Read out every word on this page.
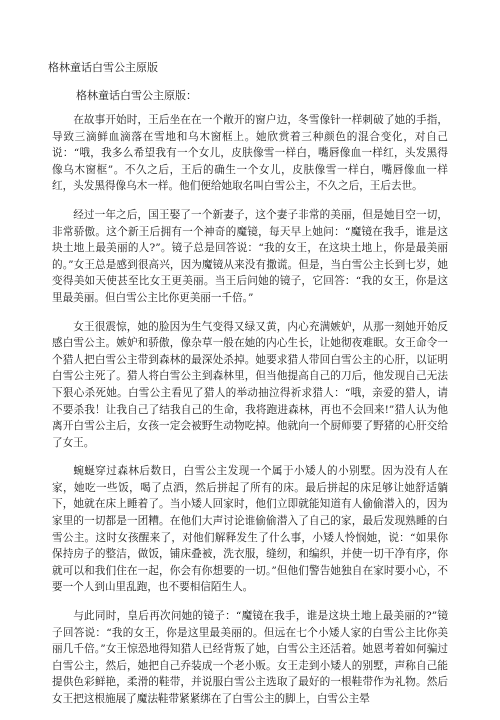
格林童话白雪公主原版
格林童话白雪公主原版：

在故事开始时，王后坐在在一个敞开的窗户边，冬雪像针一样刺破了她的手指，导致三滴鲜血滴落在雪地和乌木窗框上。她欣赏着三种颜色的混合变化，对自己说：“哦，我多么希望我有一个女儿，皮肤像雪一样白，嘴唇像血一样红，头发黑得像乌木窗框”。不久之后，王后的确生一个女儿，皮肤像雪一样白，嘴唇像血一样红，头发黑得像乌木一样。他们便给她取名叫白雪公主，不久之后，王后去世。

经过一年之后，国王娶了一个新妻子，这个妻子非常的美丽，但是她目空一切，非常骄傲。这个新王后拥有一个神奇的魔镜，每天早上她问：“魔镜在我手，谁是这块土地上最美丽的人?”。镜子总是回答说：“我的女王，在这块土地上，你是最美丽的。”女王总是感到很高兴，因为魔镜从来没有撒谎。但是，当白雪公主长到七岁，她变得美如天使甚至比女王更美丽。当王后问她的镜子，它回答：“我的女王，你是这里最美丽。但白雪公主比你更美丽一千倍。”

女王很震惊，她的脸因为生气变得又绿又黄，内心充满嫉妒，从那一刻她开始反感白雪公主。嫉妒和骄傲，像杂草一般在她的内心生长，让她彻夜难眠。女王命令一个猎人把白雪公主带到森林的最深处杀掉。她要求猎人带回白雪公主的心肝，以证明白雪公主死了。猎人将白雪公主到森林里，但当他提高自己的刀后，他发现自己无法下狠心杀死她。白雪公主看见了猎人的举动抽泣得祈求猎人：“哦，亲爱的猎人，请不要杀我！让我自己了结我自己的生命，我将跑进森林，再也不会回来!”猎人认为他离开白雪公主后，女孩一定会被野生动物吃掉。他就向一个厨师要了野猪的心肝交给了女王。

蜿蜒穿过森林后数日，白雪公主发现一个属于小矮人的小别墅。因为没有人在家，她吃一些饭，喝了点酒，然后拼起了所有的床。最后拼起的床足够让她舒适躺下，她就在床上睡着了。当小矮人回家时，他们立即就能知道有人偷偷潜入的，因为家里的一切都是一团糟。在他们大声讨论谁偷偷潜入了自己的家，最后发现熟睡的白雪公主。这时女孩醒来了，对他们解释发生了什么事，小矮人怜悯她，说：“如果你保持房子的整洁，做饭，铺床叠被，洗衣服，缝纫，和编织，并使一切干净有序，你就可以和我们住在一起，你会有你想要的一切。”但他们警告她独自在家时要小心，不要一个人到山里乱跑，也不要相信陌生人。

与此同时，皇后再次问她的镜子：“魔镜在我手，谁是这块土地上最美丽的?”镜子回答说：“我的女王，你是这里最美丽的。但远在七个小矮人家的白雪公主比你美丽几千倍。”女王惊恐地得知猎人已经背叛了她，白雪公主还活着。她恩考着如何骗过白雪公主，然后，她把自己乔装成一个老小贩。女王走到小矮人的别墅，声称自己能提供色彩鲜艳，柔滑的鞋带，并说服白雪公主选取了最好的一根鞋带作为礼物。然后女王把这根施展了魔法鞋带紧紧绑在了白雪公主的脚上，白雪公主晕
